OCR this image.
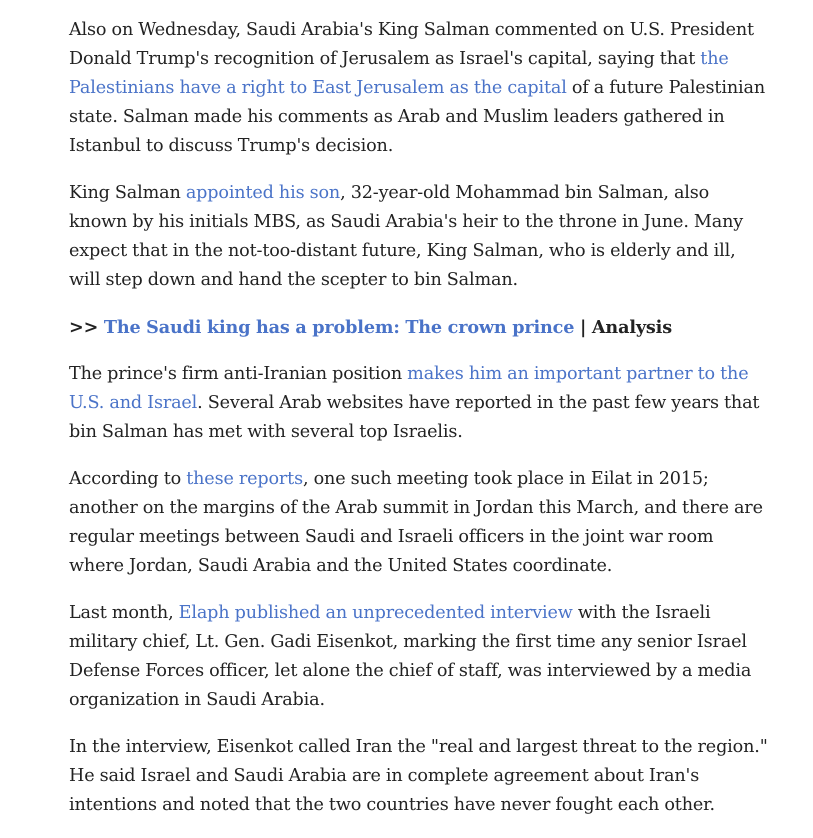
Also on Wednesday, Saudi Arabia's King Salman commented on U.S. President Donald Trump's recognition of Jerusalem as Israel's capital, saying that the Palestinians have a right to East Jerusalem as the capital of a future Palestinian state. Salman made his comments as Arab and Muslim leaders gathered in Istanbul to discuss Trump's decision.

King Salman appointed his son, 32-year-old Mohammad bin Salman, also known by his initials MBS, as Saudi Arabia's heir to the throne in June. Many expect that in the not-too-distant future, King Salman, who is elderly and ill, will step down and hand the scepter to bin Salman.

>> The Saudi king has a problem: The crown prince | Analysis

The prince's firm anti-Iranian position makes him an important partner to the U.S. and Israel. Several Arab websites have reported in the past few years that bin Salman has met with several top Israelis.

According to these reports, one such meeting took place in Eilat in 2015; another on the margins of the Arab summit in Jordan this March, and there are regular meetings between Saudi and Israeli officers in the joint war room where Jordan, Saudi Arabia and the United States coordinate.

Last month, Elaph published an unprecedented interview with the Israeli military chief, Lt. Gen. Gadi Eisenkot, marking the first time any senior Israel Defense Forces officer, let alone the chief of staff, was interviewed by a media organization in Saudi Arabia.

In the interview, Eisenkot called Iran the "real and largest threat to the region." He said Israel and Saudi Arabia are in complete agreement about Iran's intentions and noted that the two countries have never fought each other.
